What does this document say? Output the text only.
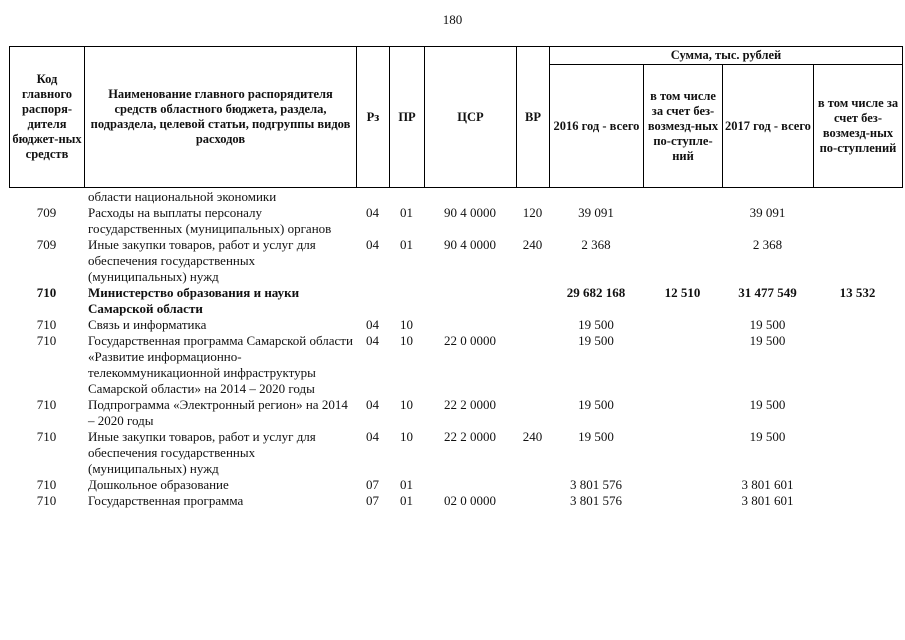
180
Код главного распоря-дителя бюджет-ных средств	Наименование главного распорядителя средств областного бюджета, раздела, подраздела, целевой статьи, подгруппы видов расходов	Рз	ПР	ЦСР	ВР	Сумма, тыс. рублей			
						2016 год - всего	в том числе за счет без-возмезд-ных по-ступле-ний	2017 год - всего	в том числе за счет без-возмезд-ных по-ступлений
	области национальной экономики								
709	Расходы на выплаты персоналу государственных (муниципальных) органов	04	01	90 4 0000	120	39 091		39 091	
709	Иные закупки товаров, работ и услуг для обеспечения государственных (муниципальных) нужд	04	01	90 4 0000	240	2 368		2 368	
710	Министерство образования и науки Самарской области					29 682 168	12 510	31 477 549	13 532
710	Связь и информатика	04	10			19 500		19 500	
710	Государственная программа Самарской области «Развитие информационно-телекоммуникационной инфраструктуры Самарской области» на 2014 – 2020 годы	04	10	22 0 0000		19 500		19 500	
710	Подпрограмма «Электронный регион» на 2014 – 2020 годы	04	10	22 2 0000		19 500		19 500	
710	Иные закупки товаров, работ и услуг для обеспечения государственных (муниципальных) нужд	04	10	22 2 0000	240	19 500		19 500	
710	Дошкольное образование	07	01			3 801 576		3 801 601	
710	Государственная программа	07	01	02 0 0000		3 801 576		3 801 601	
